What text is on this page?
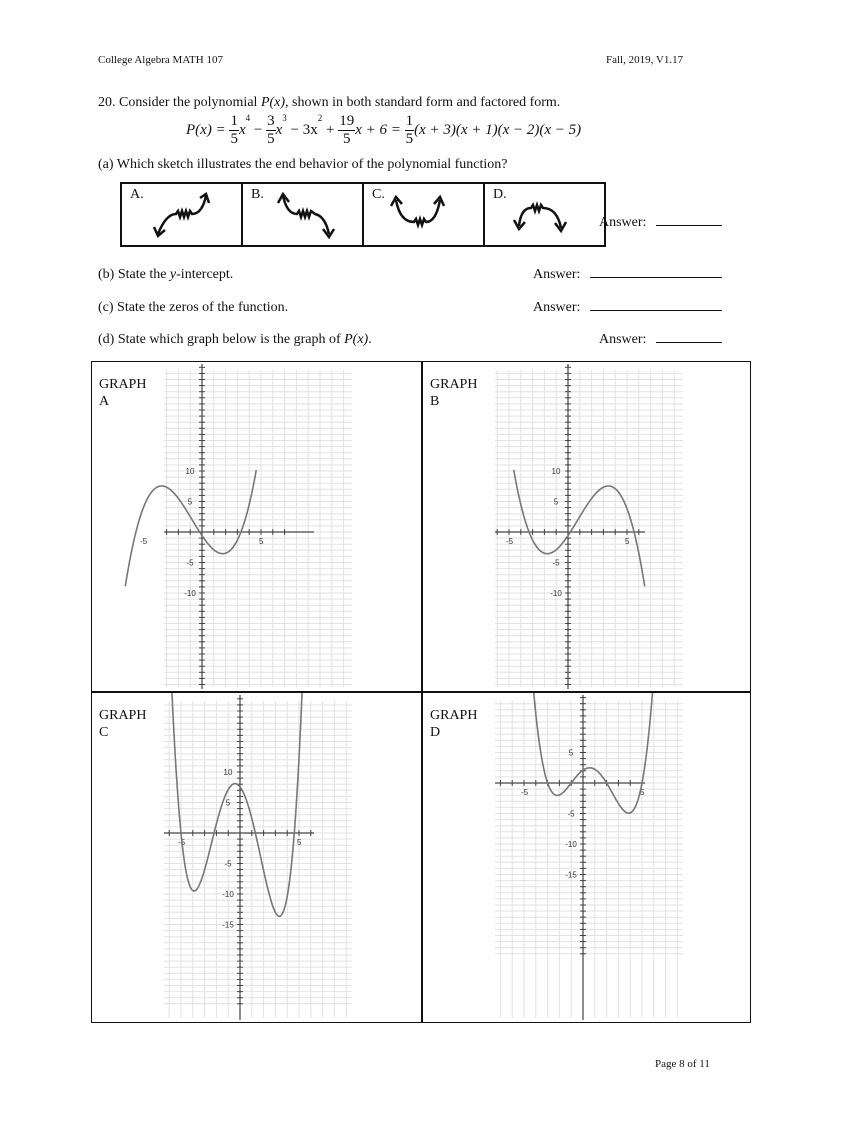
College Algebra MATH 107	Fall, 2019, V1.17
20. Consider the polynomial P(x), shown in both standard form and factored form.
$P(x) = \frac{1}{5} x^4 - \frac{3}{5} x^3 - 3x^2 + \frac{19}{5}$ $x + 6 = \frac{1}{5} (x + 3)(x + 1)(x - 2)(x - 5)$
(a) Which sketch illustrates the end behavior of the polynomial function?
A.	B.	C.	D.
Answer:
(b) State the y-intercept.	Answer:
(c) State the zeros of the function.	Answer:
(d) State which graph below is the graph of P(x).	Answer:
-5	5
10
5
-5
-10
GRAPH
A
-5	5
10
5
-5
-10
GRAPH
B
-5	5
10
5
-5
-10
-15
GRAPH
C
-5	5
5
-5
-10
-15
GRAPH
D
Page 8 of 11
